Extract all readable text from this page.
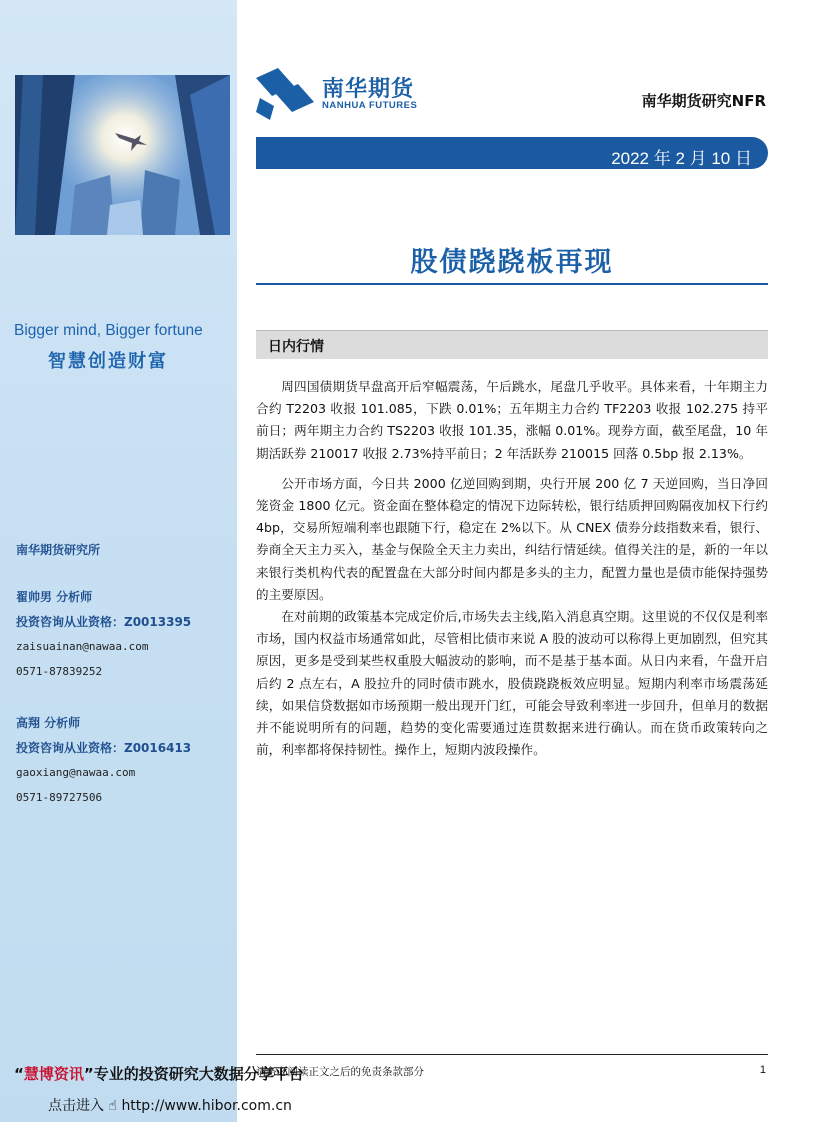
Bigger mind, Bigger fortune
智慧创造财富
南华期货研究所
翟帅男 分析师
投资咨询从业资格：Z0013395
zaisuainan@nawaa.com
0571-87839252
高翔 分析师
投资咨询从业资格：Z0016413
gaoxiang@nawaa.com
0571-89727506
南华期货
NANHUA FUTURES	南华期货研究NFR
2022 年 2 月 10 日
股债跷跷板再现
日内行情

周四国债期货早盘高开后窄幅震荡，午后跳水，尾盘几乎收平。具体来看，十年期主力合约 T2203 收报 101.085，下跌 0.01%；五年期主力合约 TF2203 收报 102.275 持平前日；两年期主力合约 TS2203 收报 101.35，涨幅 0.01%。现券方面，截至尾盘，10 年期活跃券 210017 收报 2.73%持平前日；2 年活跃券 210015 回落 0.5bp 报 2.13%。

公开市场方面，今日共 2000 亿逆回购到期，央行开展 200 亿 7 天逆回购，当日净回笼资金 1800 亿元。资金面在整体稳定的情况下边际转松，银行结质押回购隔夜加权下行约 4bp，交易所短端利率也跟随下行，稳定在 2%以下。从 CNEX 债券分歧指数来看，银行、券商全天主力买入，基金与保险全天主力卖出，纠结行情延续。值得关注的是，新的一年以来银行类机构代表的配置盘在大部分时间内都是多头的主力，配置力量也是债市能保持强势的主要原因。

在对前期的政策基本完成定价后,市场失去主线,陷入消息真空期。这里说的不仅仅是利率市场，国内权益市场通常如此，尽管相比债市来说 A 股的波动可以称得上更加剧烈，但究其原因，更多是受到某些权重股大幅波动的影响，而不是基于基本面。从日内来看，午盘开启后约 2 点左右，A 股拉升的同时债市跳水，股债跷跷板效应明显。短期内利率市场震荡延续，如果信贷数据如市场预期一般出现开门红，可能会导致利率进一步回升，但单月的数据并不能说明所有的问题，趋势的变化需要通过连贯数据来进行确认。而在货币政策转向之前，利率都将保持韧性。操作上，短期内波段操作。

请务必阅读正文之后的免责条款部分	1
“慧博资讯”专业的投资研究大数据分享平台
点击进入 ☝ http://www.hibor.com.cn
